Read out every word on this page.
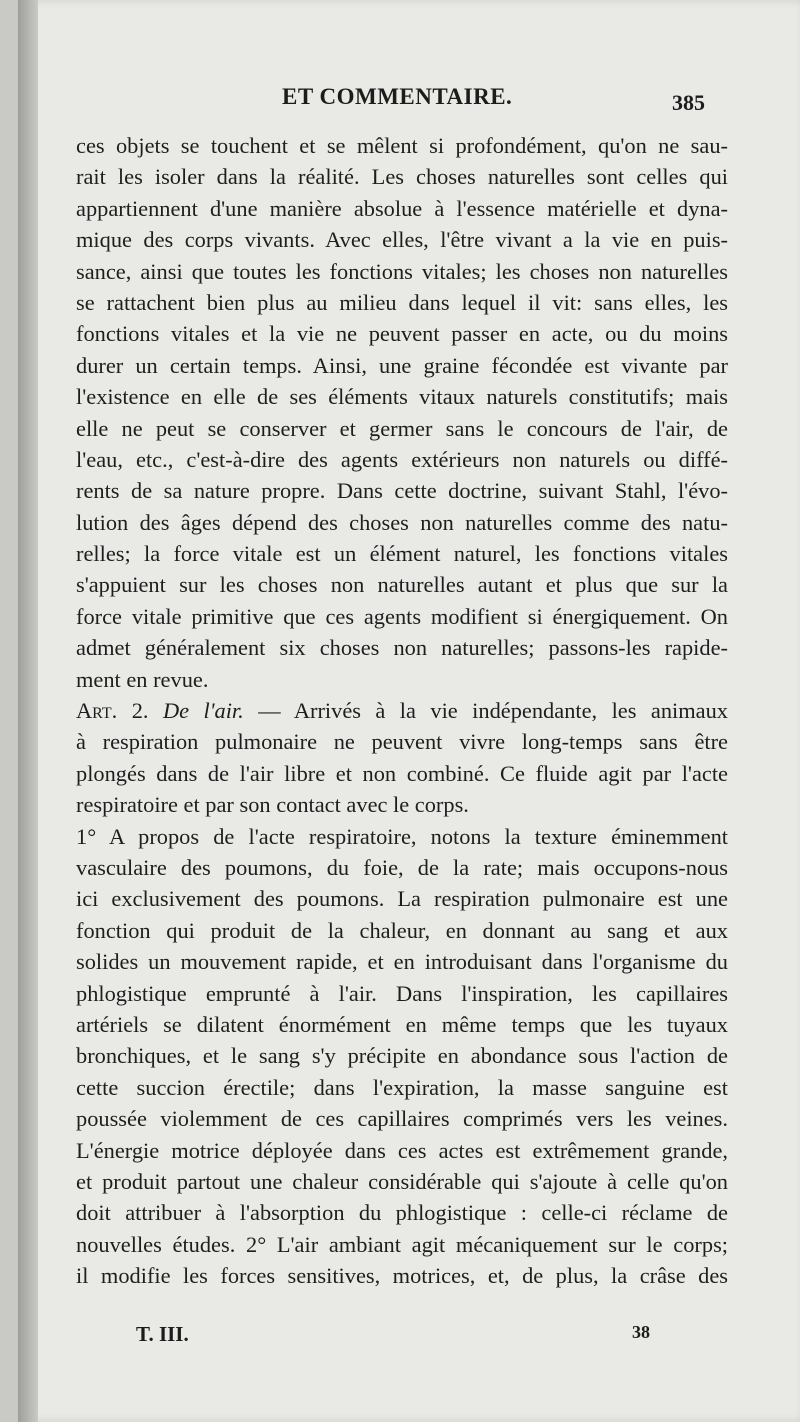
ET COMMENTAIRE.	385
ces objets se touchent et se mêlent si profondément, qu'on ne sau-
rait les isoler dans la réalité. Les choses naturelles sont celles qui
appartiennent d'une manière absolue à l'essence matérielle et dyna-
mique des corps vivants. Avec elles, l'être vivant a la vie en puis-
sance, ainsi que toutes les fonctions vitales; les choses non naturelles
se rattachent bien plus au milieu dans lequel il vit: sans elles, les
fonctions vitales et la vie ne peuvent passer en acte, ou du moins
durer un certain temps. Ainsi, une graine fécondée est vivante par
l'existence en elle de ses éléments vitaux naturels constitutifs; mais
elle ne peut se conserver et germer sans le concours de l'air, de
l'eau, etc., c'est-à-dire des agents extérieurs non naturels ou diffé-
rents de sa nature propre. Dans cette doctrine, suivant Stahl, l'évo-
lution des âges dépend des choses non naturelles comme des natu-
relles; la force vitale est un élément naturel, les fonctions vitales
s'appuient sur les choses non naturelles autant et plus que sur la
force vitale primitive que ces agents modifient si énergiquement. On
admet généralement six choses non naturelles; passons-les rapide-
ment en revue.
Art. 2. De l'air. — Arrivés à la vie indépendante, les animaux
à respiration pulmonaire ne peuvent vivre long-temps sans être
plongés dans de l'air libre et non combiné. Ce fluide agit par l'acte
respiratoire et par son contact avec le corps.
1° A propos de l'acte respiratoire, notons la texture éminemment
vasculaire des poumons, du foie, de la rate; mais occupons-nous
ici exclusivement des poumons. La respiration pulmonaire est une
fonction qui produit de la chaleur, en donnant au sang et aux
solides un mouvement rapide, et en introduisant dans l'organisme du
phlogistique emprunté à l'air. Dans l'inspiration, les capillaires
artériels se dilatent énormément en même temps que les tuyaux
bronchiques, et le sang s'y précipite en abondance sous l'action de
cette succion érectile; dans l'expiration, la masse sanguine est
poussée violemment de ces capillaires comprimés vers les veines.
L'énergie motrice déployée dans ces actes est extrêmement grande,
et produit partout une chaleur considérable qui s'ajoute à celle qu'on
doit attribuer à l'absorption du phlogistique : celle-ci réclame de
nouvelles études. 2° L'air ambiant agit mécaniquement sur le corps;
il modifie les forces sensitives, motrices, et, de plus, la crâse des
T. III.	38
